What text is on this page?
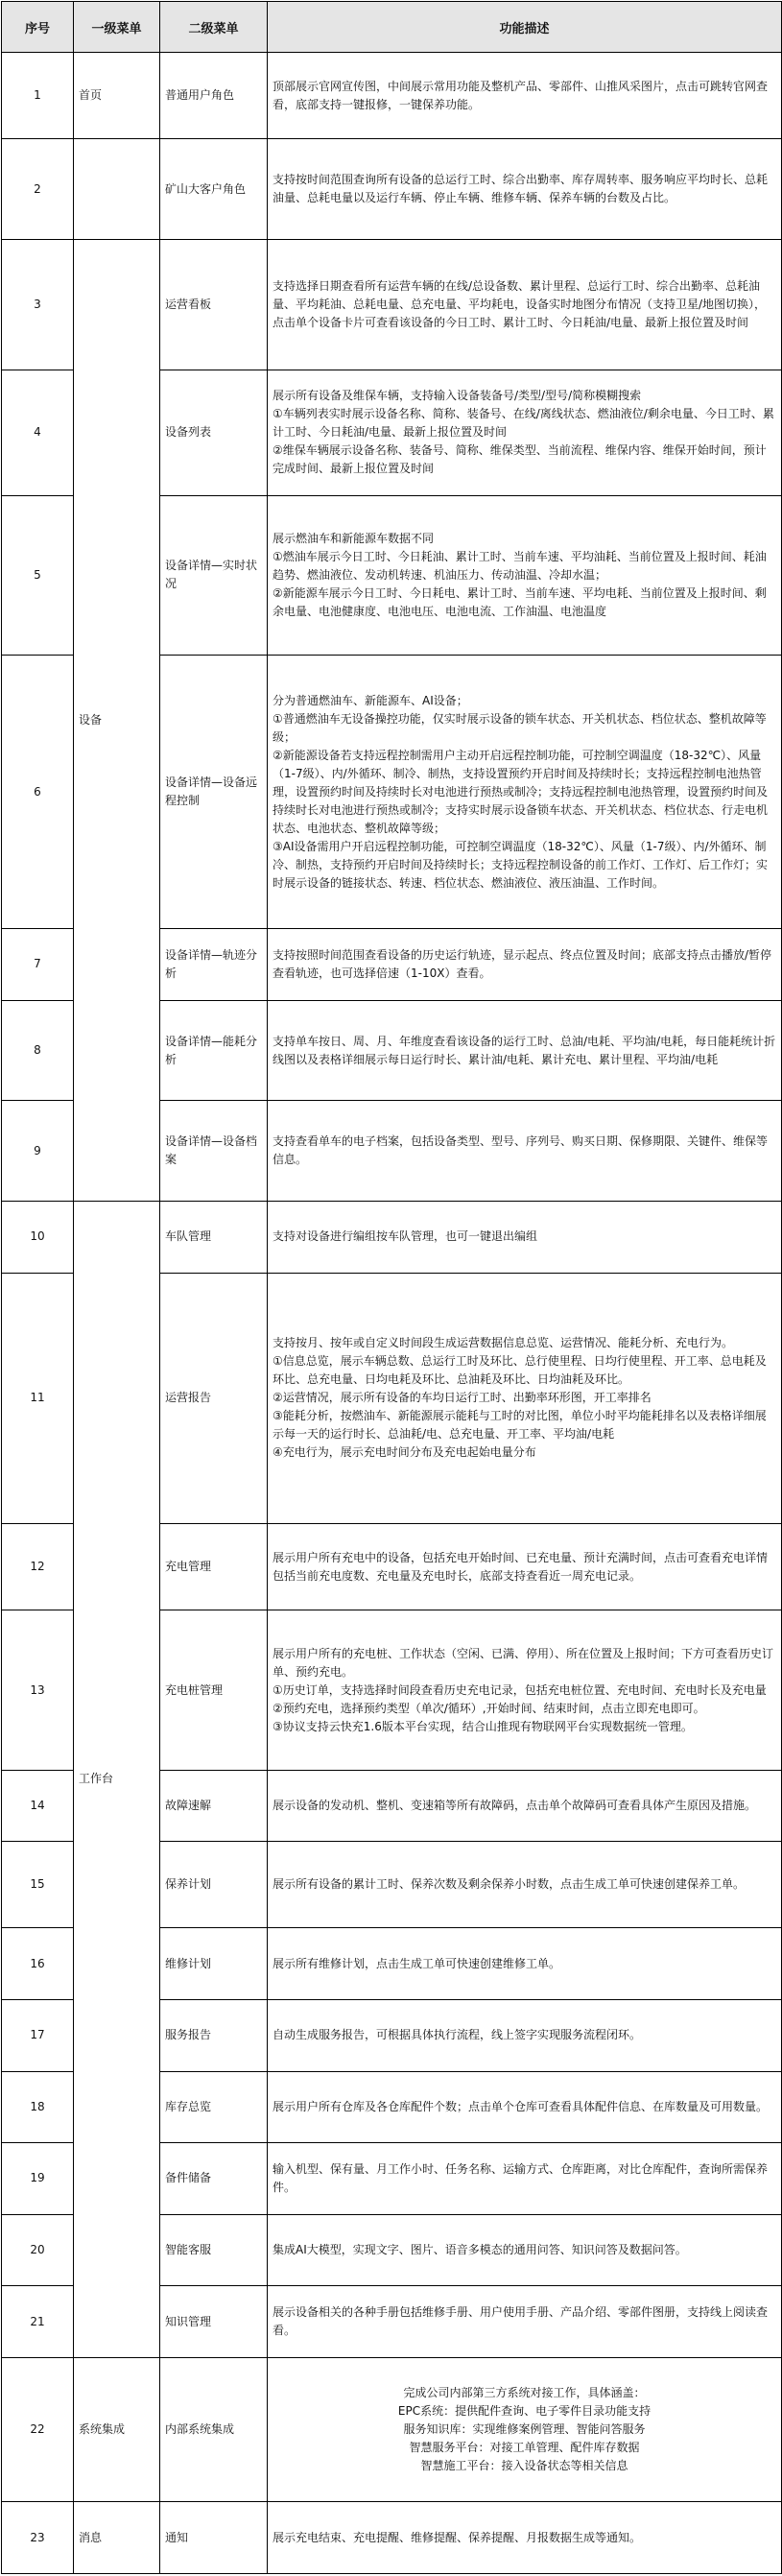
序号	一级菜单	二级菜单	功能描述
1	首页	普通用户角色	顶部展示官网宣传图，中间展示常用功能及整机产品、零部件、山推风采图片，点击可跳转官网查看，底部支持一键报修，一键保养功能。
2		矿山大客户角色	支持按时间范围查询所有设备的总运行工时、综合出勤率、库存周转率、服务响应平均时长、总耗油量、总耗电量以及运行车辆、停止车辆、维修车辆、保养车辆的台数及占比。
3	设备	运营看板	支持选择日期查看所有运营车辆的在线/总设备数、累计里程、总运行工时、综合出勤率、总耗油量、平均耗油、总耗电量、总充电量、平均耗电，设备实时地图分布情况（支持卫星/地图切换），点击单个设备卡片可查看该设备的今日工时、累计工时、今日耗油/电量、最新上报位置及时间
4		设备列表	展示所有设备及维保车辆，支持输入设备装备号/类型/型号/简称模糊搜索
①车辆列表实时展示设备名称、简称、装备号、在线/离线状态、燃油液位/剩余电量、今日工时、累计工时、今日耗油/电量、最新上报位置及时间
②维保车辆展示设备名称、装备号、简称、维保类型、当前流程、维保内容、维保开始时间，预计完成时间、最新上报位置及时间
5		设备详情—实时状况	展示燃油车和新能源车数据不同
①燃油车展示今日工时、今日耗油、累计工时、当前车速、平均油耗、当前位置及上报时间、耗油趋势、燃油液位、发动机转速、机油压力、传动油温、冷却水温；
②新能源车展示今日工时、今日耗电、累计工时、当前车速、平均电耗、当前位置及上报时间、剩余电量、电池健康度、电池电压、电池电流、工作油温、电池温度
6		设备详情—设备远程控制	分为普通燃油车、新能源车、AI设备；
①普通燃油车无设备操控功能，仅实时展示设备的锁车状态、开关机状态、档位状态、整机故障等级；
②新能源设备若支持远程控制需用户主动开启远程控制功能，可控制空调温度（18-32℃）、风量（1-7级）、内/外循环、制冷、制热，支持设置预约开启时间及持续时长；支持远程控制电池热管理，设置预约时间及持续时长对电池进行预热或制冷；支持远程控制电池热管理，设置预约时间及持续时长对电池进行预热或制冷；支持实时展示设备锁车状态、开关机状态、档位状态、行走电机状态、电池状态、整机故障等级；
③AI设备需用户开启远程控制功能，可控制空调温度（18-32℃）、风量（1-7级）、内/外循环、制冷、制热，支持预约开启时间及持续时长；支持远程控制设备的前工作灯、工作灯、后工作灯；实时展示设备的链接状态、转速、档位状态、燃油液位、液压油温、工作时间。
7		设备详情—轨迹分析	支持按照时间范围查看设备的历史运行轨迹，显示起点、终点位置及时间；底部支持点击播放/暂停查看轨迹，也可选择倍速（1-10X）查看。
8		设备详情—能耗分析	支持单车按日、周、月、年维度查看该设备的运行工时、总油/电耗、平均油/电耗，每日能耗统计折线图以及表格详细展示每日运行时长、累计油/电耗、累计充电、累计里程、平均油/电耗
9		设备详情—设备档案	支持查看单车的电子档案，包括设备类型、型号、序列号、购买日期、保修期限、关键件、维保等信息。
10	工作台	车队管理	支持对设备进行编组按车队管理，也可一键退出编组
11		运营报告	支持按月、按年或自定义时间段生成运营数据信息总览、运营情况、能耗分析、充电行为。
①信息总览，展示车辆总数、总运行工时及环比、总行使里程、日均行使里程、开工率、总电耗及环比、总充电量、日均电耗及环比、总油耗及环比、日均油耗及环比。
②运营情况，展示所有设备的车均日运行工时、出勤率环形图，开工率排名
③能耗分析，按燃油车、新能源展示能耗与工时的对比图，单位小时平均能耗排名以及表格详细展示每一天的运行时长、总油耗/电、总充电量、开工率、平均油/电耗
④充电行为，展示充电时间分布及充电起始电量分布
12		充电管理	展示用户所有充电中的设备，包括充电开始时间、已充电量、预计充满时间，点击可查看充电详情包括当前充电度数、充电量及充电时长，底部支持查看近一周充电记录。
13		充电桩管理	展示用户所有的充电桩、工作状态（空闲、已满、停用）、所在位置及上报时间；下方可查看历史订单、预约充电。
①历史订单，支持选择时间段查看历史充电记录，包括充电桩位置、充电时间、充电时长及充电量
②预约充电，选择预约类型（单次/循环）,开始时间、结束时间，点击立即充电即可。
③协议支持云快充1.6版本平台实现，结合山推现有物联网平台实现数据统一管理。
14		故障速解	展示设备的发动机、整机、变速箱等所有故障码，点击单个故障码可查看具体产生原因及措施。
15		保养计划	展示所有设备的累计工时、保养次数及剩余保养小时数，点击生成工单可快速创建保养工单。
16		维修计划	展示所有维修计划，点击生成工单可快速创建维修工单。
17		服务报告	自动生成服务报告，可根据具体执行流程，线上签字实现服务流程闭环。
18		库存总览	展示用户所有仓库及各仓库配件个数；点击单个仓库可查看具体配件信息、在库数量及可用数量。
19		备件储备	输入机型、保有量、月工作小时、任务名称、运输方式、仓库距离，对比仓库配件，查询所需保养件。
20		智能客服	集成AI大模型，实现文字、图片、语音多模态的通用问答、知识问答及数据问答。
21		知识管理	展示设备相关的各种手册包括维修手册、用户使用手册、产品介绍、零部件图册，支持线上阅读查看。
22	系统集成	内部系统集成	完成公司内部第三方系统对接工作，具体涵盖：
EPC系统：提供配件查询、电子零件目录功能支持
服务知识库：实现维修案例管理、智能问答服务
智慧服务平台：对接工单管理、配件库存数据
智慧施工平台：接入设备状态等相关信息
23	消息	通知	展示充电结束、充电提醒、维修提醒、保养提醒、月报数据生成等通知。
